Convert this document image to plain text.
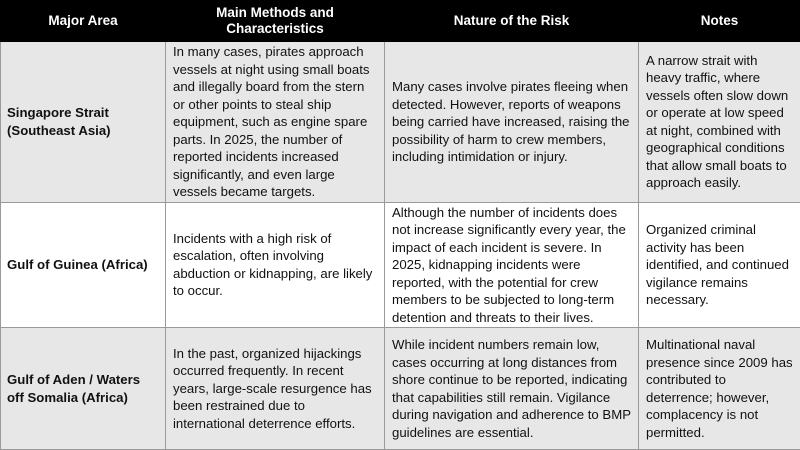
Major Area	Main Methods and Characteristics	Nature of the Risk	Notes
Singapore Strait (Southeast Asia)	In many cases, pirates approach vessels at night using small boats and illegally board from the stern or other points to steal ship equipment, such as engine spare parts. In 2025, the number of reported incidents increased significantly, and even large vessels became targets.	Many cases involve pirates fleeing when detected. However, reports of weapons being carried have increased, raising the possibility of harm to crew members, including intimidation or injury.	A narrow strait with heavy traffic, where vessels often slow down or operate at low speed at night, combined with geographical conditions that allow small boats to approach easily.
Gulf of Guinea (Africa)	Incidents with a high risk of escalation, often involving abduction or kidnapping, are likely to occur.	Although the number of incidents does not increase significantly every year, the impact of each incident is severe. In 2025, kidnapping incidents were reported, with the potential for crew members to be subjected to long-term detention and threats to their lives.	Organized criminal activity has been identified, and continued vigilance remains necessary.
Gulf of Aden / Waters off Somalia (Africa)	In the past, organized hijackings occurred frequently. In recent years, large-scale resurgence has been restrained due to international deterrence efforts.	While incident numbers remain low, cases occurring at long distances from shore continue to be reported, indicating that capabilities still remain. Vigilance during navigation and adherence to BMP guidelines are essential.	Multinational naval presence since 2009 has contributed to deterrence; however, complacency is not permitted.
